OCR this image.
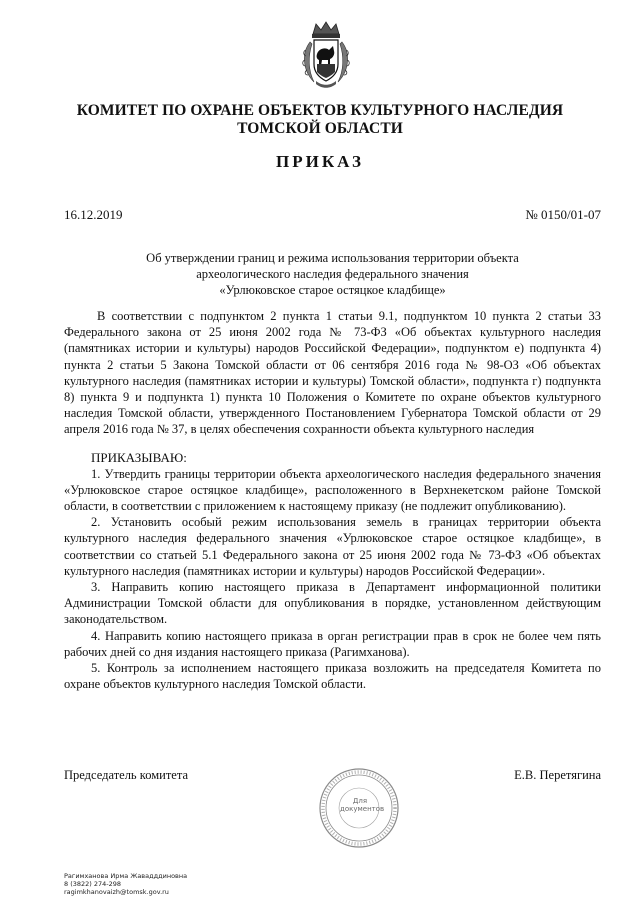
КОМИТЕТ ПО ОХРАНЕ ОБЪЕКТОВ КУЛЬТУРНОГО НАСЛЕДИЯ
ТОМСКОЙ ОБЛАСТИ
ПРИКАЗ
16.12.2019	№ 0150/01-07
Об утверждении границ и режима использования территории объекта
археологического наследия федерального значения
«Урлюковское старое остяцкое кладбище»

В соответствии с подпунктом 2 пункта 1 статьи 9.1, подпунктом 10 пункта 2 статьи 33 Федерального закона от 25 июня 2002 года № 73-ФЗ «Об объектах культурного наследия (памятниках истории и культуры) народов Российской Федерации», подпунктом е) подпункта 4) пункта 2 статьи 5 Закона Томской области от 06 сентября 2016 года № 98-ОЗ «Об объектах культурного наследия (памятниках истории и культуры) Томской области», подпункта г) подпункта 8) пункта 9 и подпункта 1) пункта 10 Положения о Комитете по охране объектов культурного наследия Томской области, утвержденного Постановлением Губернатора Томской области от 29 апреля 2016 года № 37, в целях обеспечения сохранности объекта культурного наследия

ПРИКАЗЫВАЮ:

1. Утвердить границы территории объекта археологического наследия федерального значения «Урлюковское старое остяцкое кладбище», расположенного в Верхнекетском районе Томской области, в соответствии с приложением к настоящему приказу (не подлежит опубликованию).

2. Установить особый режим использования земель в границах территории объекта культурного наследия федерального значения «Урлюковское старое остяцкое кладбище», в соответствии со статьей 5.1 Федерального закона от 25 июня 2002 года № 73-ФЗ «Об объектах культурного наследия (памятниках истории и культуры) народов Российской Федерации».

3. Направить копию настоящего приказа в Департамент информационной политики Администрации Томской области для опубликования в порядке, установленном действующим законодательством.

4. Направить копию настоящего приказа в орган регистрации прав в срок не более чем пять рабочих дней со дня издания настоящего приказа (Рагимханова).

5. Контроль за исполнением настоящего приказа возложить на председателя Комитета по охране объектов культурного наследия Томской области.

Председатель комитета
Для
документов
Е.В. Перетягина
Рагимханова Ирма Жавадддиновна
8 (3822) 274-298
ragimkhanovaizh@tomsk.gov.ru
